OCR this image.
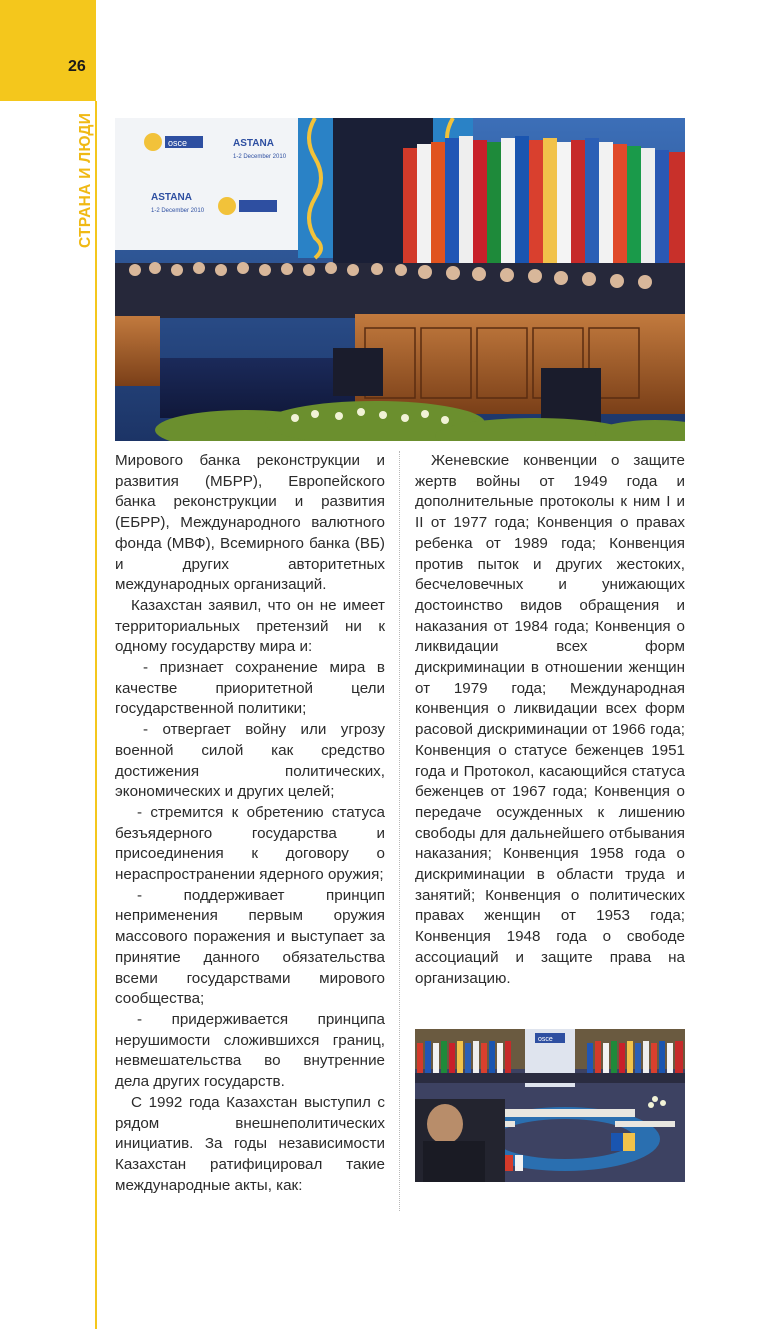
26
СТРАНА И ЛЮДИ	osce	ASTANA
1-2 December 2010
ASTANA
1-2 December 2010

Мирового банка реконструкции и развития (МБРР), Европейского банка реконструкции и развития (ЕБРР), Международного валютного фонда (МВФ), Всемирного банка (ВБ) и других авторитетных международных организаций.

Казахстан заявил, что он не имеет территориальных претензий ни к одному государству мира и:

- признает сохранение мира в качестве приоритетной цели государственной политики;

- отвергает войну или угрозу военной силой как средство достижения политических, экономических и других целей;

- стремится к обретению статуса безъядерного государства и присоединения к договору о нераспространении ядерного оружия;

- поддерживает принцип неприменения первым оружия массового поражения и выступает за принятие данного обязательства всеми государствами мирового сообщества;

- придерживается принципа нерушимости сложившихся границ, невмешательства во внутренние дела других государств.

С 1992 года Казахстан выступил с рядом внешнеполитических инициатив. За годы независимости Казахстан ратифицировал такие международные акты, как:

Женевские конвенции о защите жертв войны от 1949 года и дополнительные протоколы к ним I и II от 1977 года; Конвенция о правах ребенка от 1989 года; Конвенция против пыток и других жестоких, бесчеловечных и унижающих достоинство видов обращения и наказания от 1984 года; Конвенция о ликвидации всех форм дискриминации в отношении женщин от 1979 года; Международная конвенция о ликвидации всех форм расовой дискриминации от 1966 года; Конвенция о статусе беженцев 1951 года и Протокол, касающийся статуса беженцев от 1967 года; Конвенция о передаче осужденных к лишению свободы для дальнейшего отбывания наказания; Конвенция 1958 года о дискриминации в области труда и занятий; Конвенция о политических правах женщин от 1953 года; Конвенция 1948 года о свободе ассоциаций и защите права на организацию.

osce
